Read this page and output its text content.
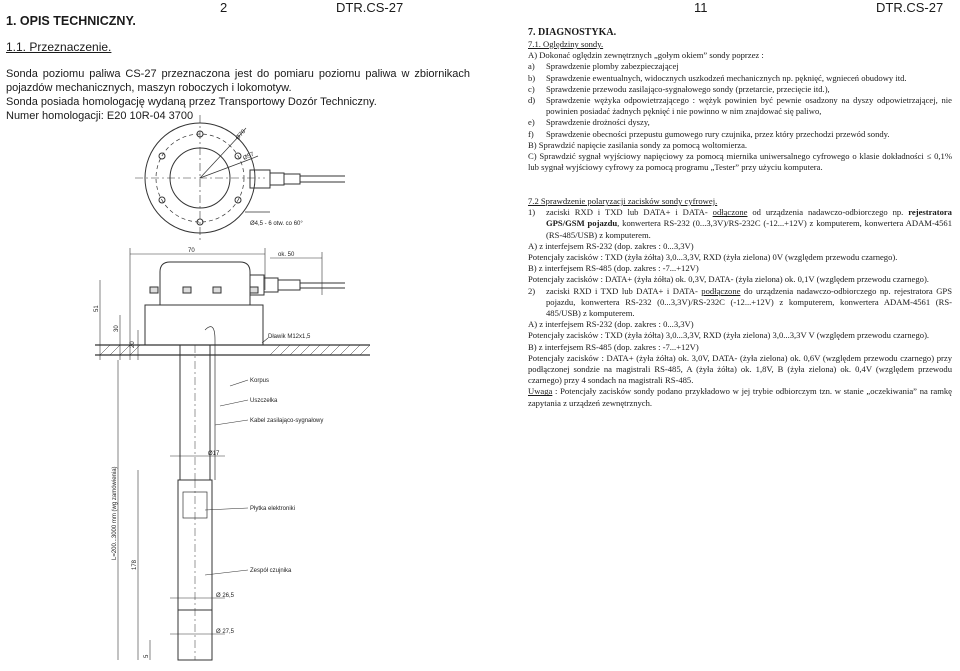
2	DTR.CS-27
1. OPIS TECHNICZNY.
1.1. Przeznaczenie.
Sonda poziomu paliwa CS-27 przeznaczona jest do pomiaru poziomu paliwa w zbiornikach
pojazdów mechanicznych, maszyn roboczych i lokomotyw.
Sonda posiada homologację wydaną przez Transportowy Dozór Techniczny.
Numer homologacji: E20 10R-04 3700
Ø70
Ø57
Ø4,5 - 6 otw. co 60°
70
ok. 50
51
30
20
Dławik M12x1,5
Korpus
Uszczelka
Kabel zasilająco-sygnałowy
Ø17
L=200...3000 mm (wg zamówienia)	Płytka elektroniki
178
Zespół czujnika
Ø 26,5
Ø 27,5
5
11	DTR.CS-27

7. DIAGNOSTYKA.

7.1. Oględziny sondy.

A) Dokonać oględzin zewnętrznych „gołym okiem” sondy poprzez :

a)	Sprawdzenie plomby zabezpieczającej
b)	Sprawdzenie ewentualnych, widocznych uszkodzeń mechanicznych np. pęknięć, wgnieceń obudowy itd.
c)	Sprawdzenie przewodu zasilająco-sygnałowego sondy (przetarcie, przecięcie itd.),
d)	Sprawdzenie wężyka odpowietrzającego : wężyk powinien być pewnie osadzony na dyszy odpowietrzającej, nie powinien posiadać żadnych pęknięć i nie powinno w nim znajdować się paliwo,
e)	Sprawdzenie drożności dyszy,
f)	Sprawdzenie obecności przepustu gumowego rury czujnika, przez który przechodzi przewód sondy.

B) Sprawdzić napięcie zasilania sondy za pomocą woltomierza.

C) Sprawdzić sygnał wyjściowy napięciowy za pomocą miernika uniwersalnego cyfrowego o klasie dokładności ≤ 0,1% lub sygnał wyjściowy cyfrowy za pomocą programu „Tester” przy użyciu komputera.

7.2 Sprawdzenie polaryzacji zacisków sondy cyfrowej.

1)	zaciski RXD i TXD lub DATA+ i DATA- odłączone od urządzenia nadawczo-odbiorczego np. rejestratora GPS/GSM pojazdu, konwertera RS-232 (0...3,3V)/RS-232C (-12...+12V) z komputerem, konwertera ADAM-4561 (RS-485/USB) z komputerem.

A) z interfejsem RS-232 (dop. zakres : 0...3,3V)

Potencjały zacisków : TXD (żyła żółta) 3,0...3,3V, RXD (żyła zielona) 0V (względem przewodu czarnego).

B) z interfejsem RS-485 (dop. zakres : -7...+12V)

Potencjały zacisków : DATA+ (żyła żółta) ok. 0,3V, DATA- (żyła zielona) ok. 0,1V (względem przewodu czarnego).

2)	zaciski RXD i TXD lub DATA+ i DATA- podłączone do urządzenia nadawczo-odbiorczego np. rejestratora GPS pojazdu, konwertera RS-232 (0...3,3V)/RS-232C (-12...+12V) z komputerem, konwertera ADAM-4561 (RS-485/USB) z komputerem.

A) z interfejsem RS-232 (dop. zakres : 0...3,3V)

Potencjały zacisków : TXD (żyła żółta) 3,0...3,3V, RXD (żyła zielona) 3,0...3,3V V (względem przewodu czarnego).

B) z interfejsem RS-485 (dop. zakres : -7...+12V)

Potencjały zacisków : DATA+ (żyła żółta) ok. 3,0V, DATA- (żyła zielona) ok. 0,6V (względem przewodu czarnego) przy podłączonej sondzie na magistrali RS-485, A (żyła żółta) ok. 1,8V, B (żyła zielona) ok. 0,4V (względem przewodu czarnego) przy 4 sondach na magistrali RS-485.

Uwaga : Potencjały zacisków sondy podano przykładowo w jej trybie odbiorczym tzn. w stanie „oczekiwania” na ramkę zapytania z urządzeń zewnętrznych.
